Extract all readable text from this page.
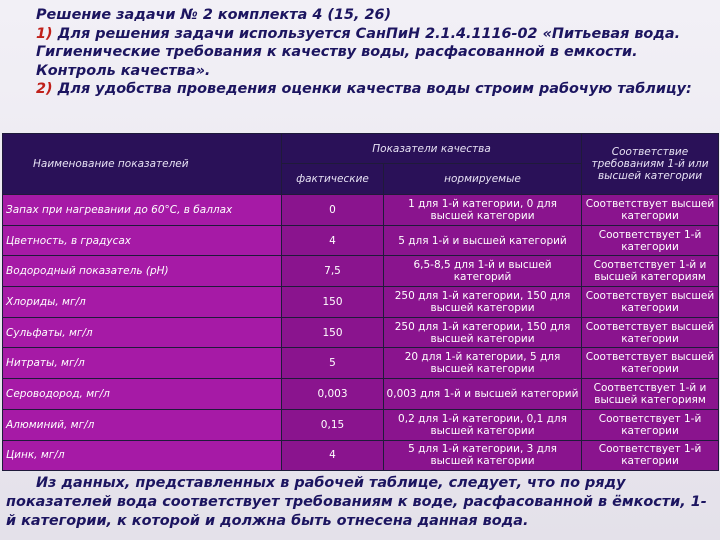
Решение задачи № 2 комплекта 4 (15, 26)

1) Для решения задачи используется СанПиН 2.1.4.1116-02 «Питьевая вода. Гигиенические требования к качеству воды, расфасованной в емкости. Контроль качества».

2) Для удобства проведения оценки качества воды строим рабочую таблицу:

Наименование показателей	Показатели качества		Соответствие требованиям 1-й или высшей категории
	фактические	нормируемые	
Запах при нагревании до 60°С, в баллах	0	1 для 1-й категории, 0 для высшей категории	Соответствует высшей категории
Цветность, в градусах	4	5 для 1-й и высшей категорий	Соответствует 1-й категории
Водородный показатель (рН)	7,5	6,5-8,5 для 1-й и высшей категорий	Соответствует 1-й и высшей категориям
Хлориды, мг/л	150	250 для 1-й категории, 150 для высшей категории	Соответствует высшей категории
Сульфаты, мг/л	150	250 для 1-й категории, 150 для высшей категории	Соответствует высшей категории
Нитраты, мг/л	5	20 для 1-й категории, 5 для высшей категории	Соответствует высшей категории
Сероводород, мг/л	0,003	0,003 для 1-й и высшей категорий	Соответствует 1-й и высшей категориям
Алюминий, мг/л	0,15	0,2 для 1-й категории, 0,1 для высшей категории	Соответствует 1-й категории
Цинк, мг/л	4	5 для 1-й категории, 3 для высшей категории	Соответствует 1-й категории

Из данных, представленных в рабочей таблице, следует, что по ряду показателей вода соответствует требованиям к воде, расфасованной в ёмкости, 1-й категории, к которой и должна быть отнесена данная вода.
